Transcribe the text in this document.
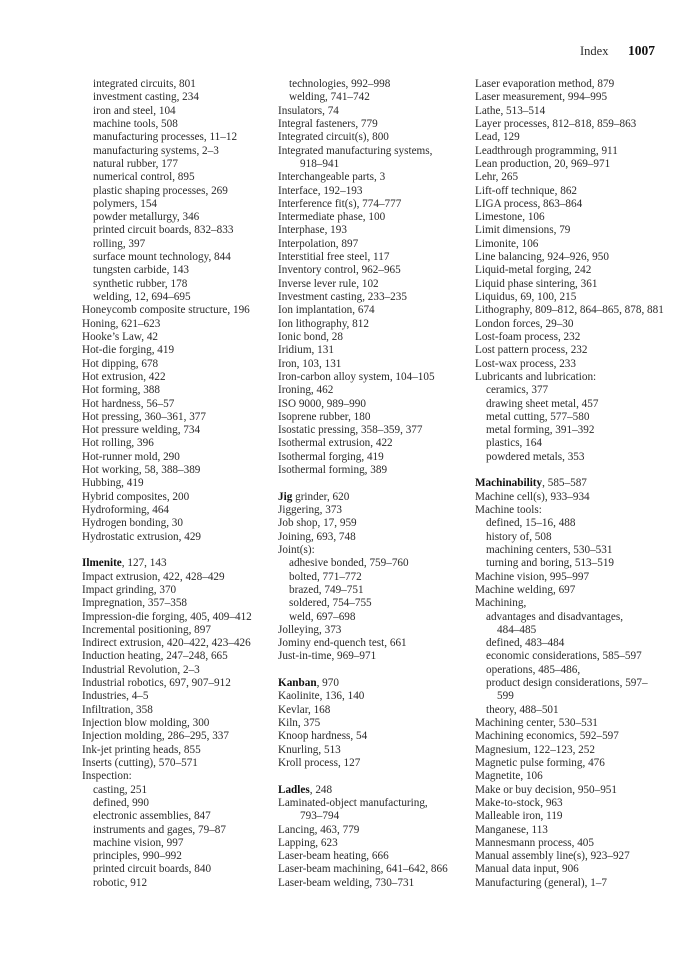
Index 1007
integrated circuits, 801
investment casting, 234
iron and steel, 104
machine tools, 508
manufacturing processes, 11–12
manufacturing systems, 2–3
natural rubber, 177
numerical control, 895
plastic shaping processes, 269
polymers, 154
powder metallurgy, 346
printed circuit boards, 832–833
rolling, 397
surface mount technology, 844
tungsten carbide, 143
synthetic rubber, 178
welding, 12, 694–695
Honeycomb composite structure, 196
Honing, 621–623
Hooke’s Law, 42
Hot-die forging, 419
Hot dipping, 678
Hot extrusion, 422
Hot forming, 388
Hot hardness, 56–57
Hot pressing, 360–361, 377
Hot pressure welding, 734
Hot rolling, 396
Hot-runner mold, 290
Hot working, 58, 388–389
Hubbing, 419
Hybrid composites, 200
Hydroforming, 464
Hydrogen bonding, 30
Hydrostatic extrusion, 429
Ilmenite, 127, 143
Impact extrusion, 422, 428–429
Impact grinding, 370
Impregnation, 357–358
Impression-die forging, 405, 409–412
Incremental positioning, 897
Indirect extrusion, 420–422, 423–426
Induction heating, 247–248, 665
Industrial Revolution, 2–3
Industrial robotics, 697, 907–912
Industries, 4–5
Infiltration, 358
Injection blow molding, 300
Injection molding, 286–295, 337
Ink-jet printing heads, 855
Inserts (cutting), 570–571
Inspection:
casting, 251
defined, 990
electronic assemblies, 847
instruments and gages, 79–87
machine vision, 997
principles, 990–992
printed circuit boards, 840
robotic, 912
technologies, 992–998
welding, 741–742
Insulators, 74
Integral fasteners, 779
Integrated circuit(s), 800
Integrated manufacturing systems,
918–941
Interchangeable parts, 3
Interface, 192–193
Interference fit(s), 774–777
Intermediate phase, 100
Interphase, 193
Interpolation, 897
Interstitial free steel, 117
Inventory control, 962–965
Inverse lever rule, 102
Investment casting, 233–235
Ion implantation, 674
Ion lithography, 812
Ionic bond, 28
Iridium, 131
Iron, 103, 131
Iron-carbon alloy system, 104–105
Ironing, 462
ISO 9000, 989–990
Isoprene rubber, 180
Isostatic pressing, 358–359, 377
Isothermal extrusion, 422
Isothermal forging, 419
Isothermal forming, 389
Jig grinder, 620
Jiggering, 373
Job shop, 17, 959
Joining, 693, 748
Joint(s):
adhesive bonded, 759–760
bolted, 771–772
brazed, 749–751
soldered, 754–755
weld, 697–698
Jolleying, 373
Jominy end-quench test, 661
Just-in-time, 969–971
Kanban, 970
Kaolinite, 136, 140
Kevlar, 168
Kiln, 375
Knoop hardness, 54
Knurling, 513
Kroll process, 127
Ladles, 248
Laminated-object manufacturing,
793–794
Lancing, 463, 779
Lapping, 623
Laser-beam heating, 666
Laser-beam machining, 641–642, 866
Laser-beam welding, 730–731
Laser evaporation method, 879
Laser measurement, 994–995
Lathe, 513–514
Layer processes, 812–818, 859–863
Lead, 129
Leadthrough programming, 911
Lean production, 20, 969–971
Lehr, 265
Lift-off technique, 862
LIGA process, 863–864
Limestone, 106
Limit dimensions, 79
Limonite, 106
Line balancing, 924–926, 950
Liquid-metal forging, 242
Liquid phase sintering, 361
Liquidus, 69, 100, 215
Lithography, 809–812, 864–865, 878, 881
London forces, 29–30
Lost-foam process, 232
Lost pattern process, 232
Lost-wax process, 233
Lubricants and lubrication:
ceramics, 377
drawing sheet metal, 457
metal cutting, 577–580
metal forming, 391–392
plastics, 164
powdered metals, 353
Machinability, 585–587
Machine cell(s), 933–934
Machine tools:
defined, 15–16, 488
history of, 508
machining centers, 530–531
turning and boring, 513–519
Machine vision, 995–997
Machine welding, 697
Machining,
advantages and disadvantages,
484–485
defined, 483–484
economic considerations, 585–597
operations, 485–486,
product design considerations, 597–
599
theory, 488–501
Machining center, 530–531
Machining economics, 592–597
Magnesium, 122–123, 252
Magnetic pulse forming, 476
Magnetite, 106
Make or buy decision, 950–951
Make-to-stock, 963
Malleable iron, 119
Manganese, 113
Mannesmann process, 405
Manual assembly line(s), 923–927
Manual data input, 906
Manufacturing (general), 1–7
